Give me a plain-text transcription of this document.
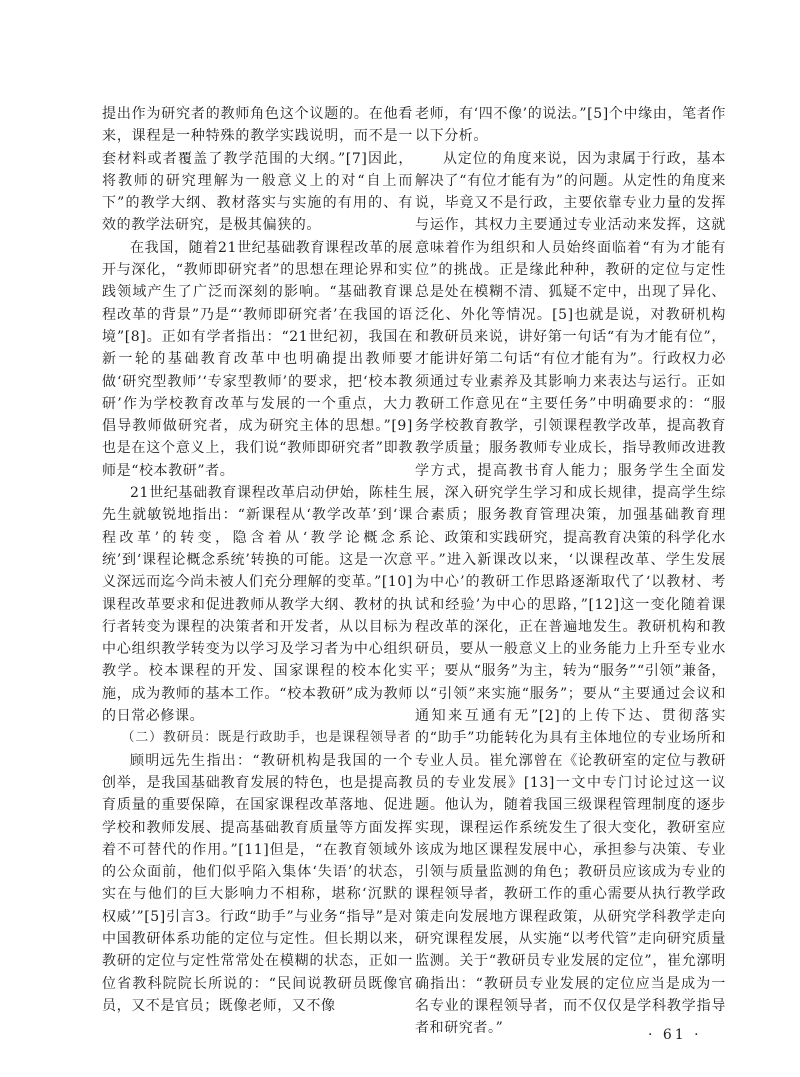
提出作为研究者的教师角色这个议题的。在他看来，课程是一种特殊的教学实践说明，而不是一套材料或者覆盖了教学范围的大纲。”[7]因此，将教师的研究理解为一般意义上的对“自上而下”的教学大纲、教材落实与实施的有用的、有效的教学法研究，是极其偏狭的。

在我国，随着21世纪基础教育课程改革的展开与深化，“教师即研究者”的思想在理论界和实践领域产生了广泛而深刻的影响。“基础教育课程改革的背景”乃是“‘教师即研究者’在我国的语境”[8]。正如有学者指出：“21世纪初，我国在新一轮的基础教育改革中也明确提出教师要做‘研究型教师’‘专家型教师’的要求，把‘校本教研’作为学校教育改革与发展的一个重点，大力倡导教师做研究者，成为研究主体的思想。”[9]也是在这个意义上，我们说“教师即研究者”即教师是“校本教研”者。

21世纪基础教育课程改革启动伊始，陈桂生先生就敏锐地指出：“新课程从‘教学改革’到‘课程改革’的转变，隐含着从‘教学论概念系统’到‘课程论概念系统’转换的可能。这是一次意义深远而迄今尚未被人们充分理解的变革。”[10]课程改革要求和促进教师从教学大纲、教材的执行者转变为课程的决策者和开发者，从以目标为中心组织教学转变为以学习及学习者为中心组织教学。校本课程的开发、国家课程的校本化实施，成为教师的基本工作。“校本教研”成为教师的日常必修课。

（二）教研员：既是行政助手，也是课程领导者

顾明远先生指出：“教研机构是我国的一个创举，是我国基础教育发展的特色，也是提高教育质量的重要保障，在国家课程改革落地、促进学校和教师发展、提高基础教育质量等方面发挥着不可替代的作用。”[11]但是，“在教育领域外的公众面前，他们似乎陷入集体‘失语’的状态，实在与他们的巨大影响力不相称，堪称‘沉默的权威’”[5]引言3。行政“助手”与业务“指导”是对中国教研体系功能的定位与定性。但长期以来，教研的定位与定性常常处在模糊的状态，正如一位省教科院院长所说的：“民间说教研员既像官员，又不是官员；既像老师，又不像

老师，有‘四不像’的说法。”[5]个中缘由，笔者作以下分析。

从定位的角度来说，因为隶属于行政，基本解决了“有位才能有为”的问题。从定性的角度来说，毕竟又不是行政，主要依靠专业力量的发挥与运作，其权力主要通过专业活动来发挥，这就意味着作为组织和人员始终面临着“有为才能有位”的挑战。正是缘此种种，教研的定位与定性总是处在模糊不清、狐疑不定中，出现了异化、泛化、外化等情况。[5]也就是说，对教研机构和教研员来说，讲好第一句话“有为才能有位”，才能讲好第二句话“有位才能有为”。行政权力必须通过专业素养及其影响力来表达与运行。正如教研工作意见在“主要任务”中明确要求的：“服务学校教育教学，引领课程教学改革，提高教育教学质量；服务教师专业成长，指导教师改进教学方式，提高教书育人能力；服务学生全面发展，深入研究学生学习和成长规律，提高学生综合素质；服务教育管理决策，加强基础教育理论、政策和实践研究，提高教育决策的科学化水平。”进入新课改以来，‘以课程改革、学生发展为中心’的教研工作思路逐渐取代了‘以教材、考试和经验’为中心的思路，”[12]这一变化随着课程改革的深化，正在普遍地发生。教研机构和教研员，要从一般意义上的业务能力上升至专业水平；要从“服务”为主，转为“服务”“引领”兼备，以“引领”来实施“服务”；要从“主要通过会议和通知来互通有无”[2]的上传下达、贯彻落实的“助手”功能转化为具有主体地位的专业场所和专业人员。崔允漷曾在《论教研室的定位与教研员的专业发展》[13]一文中专门讨论过这一议题。他认为，随着我国三级课程管理制度的逐步实现，课程运作系统发生了很大变化，教研室应该成为地区课程发展中心，承担参与决策、专业引领与质量监测的角色；教研员应该成为专业的课程领导者，教研工作的重心需要从执行教学政策走向发展地方课程政策，从研究学科教学走向研究课程发展，从实施“以考代管”走向研究质量监测。关于“教研员专业发展的定位”，崔允漷明确指出：“教研员专业发展的定位应当是成为一名专业的课程领导者，而不仅仅是学科教学指导者和研究者。”	· 61 ·
